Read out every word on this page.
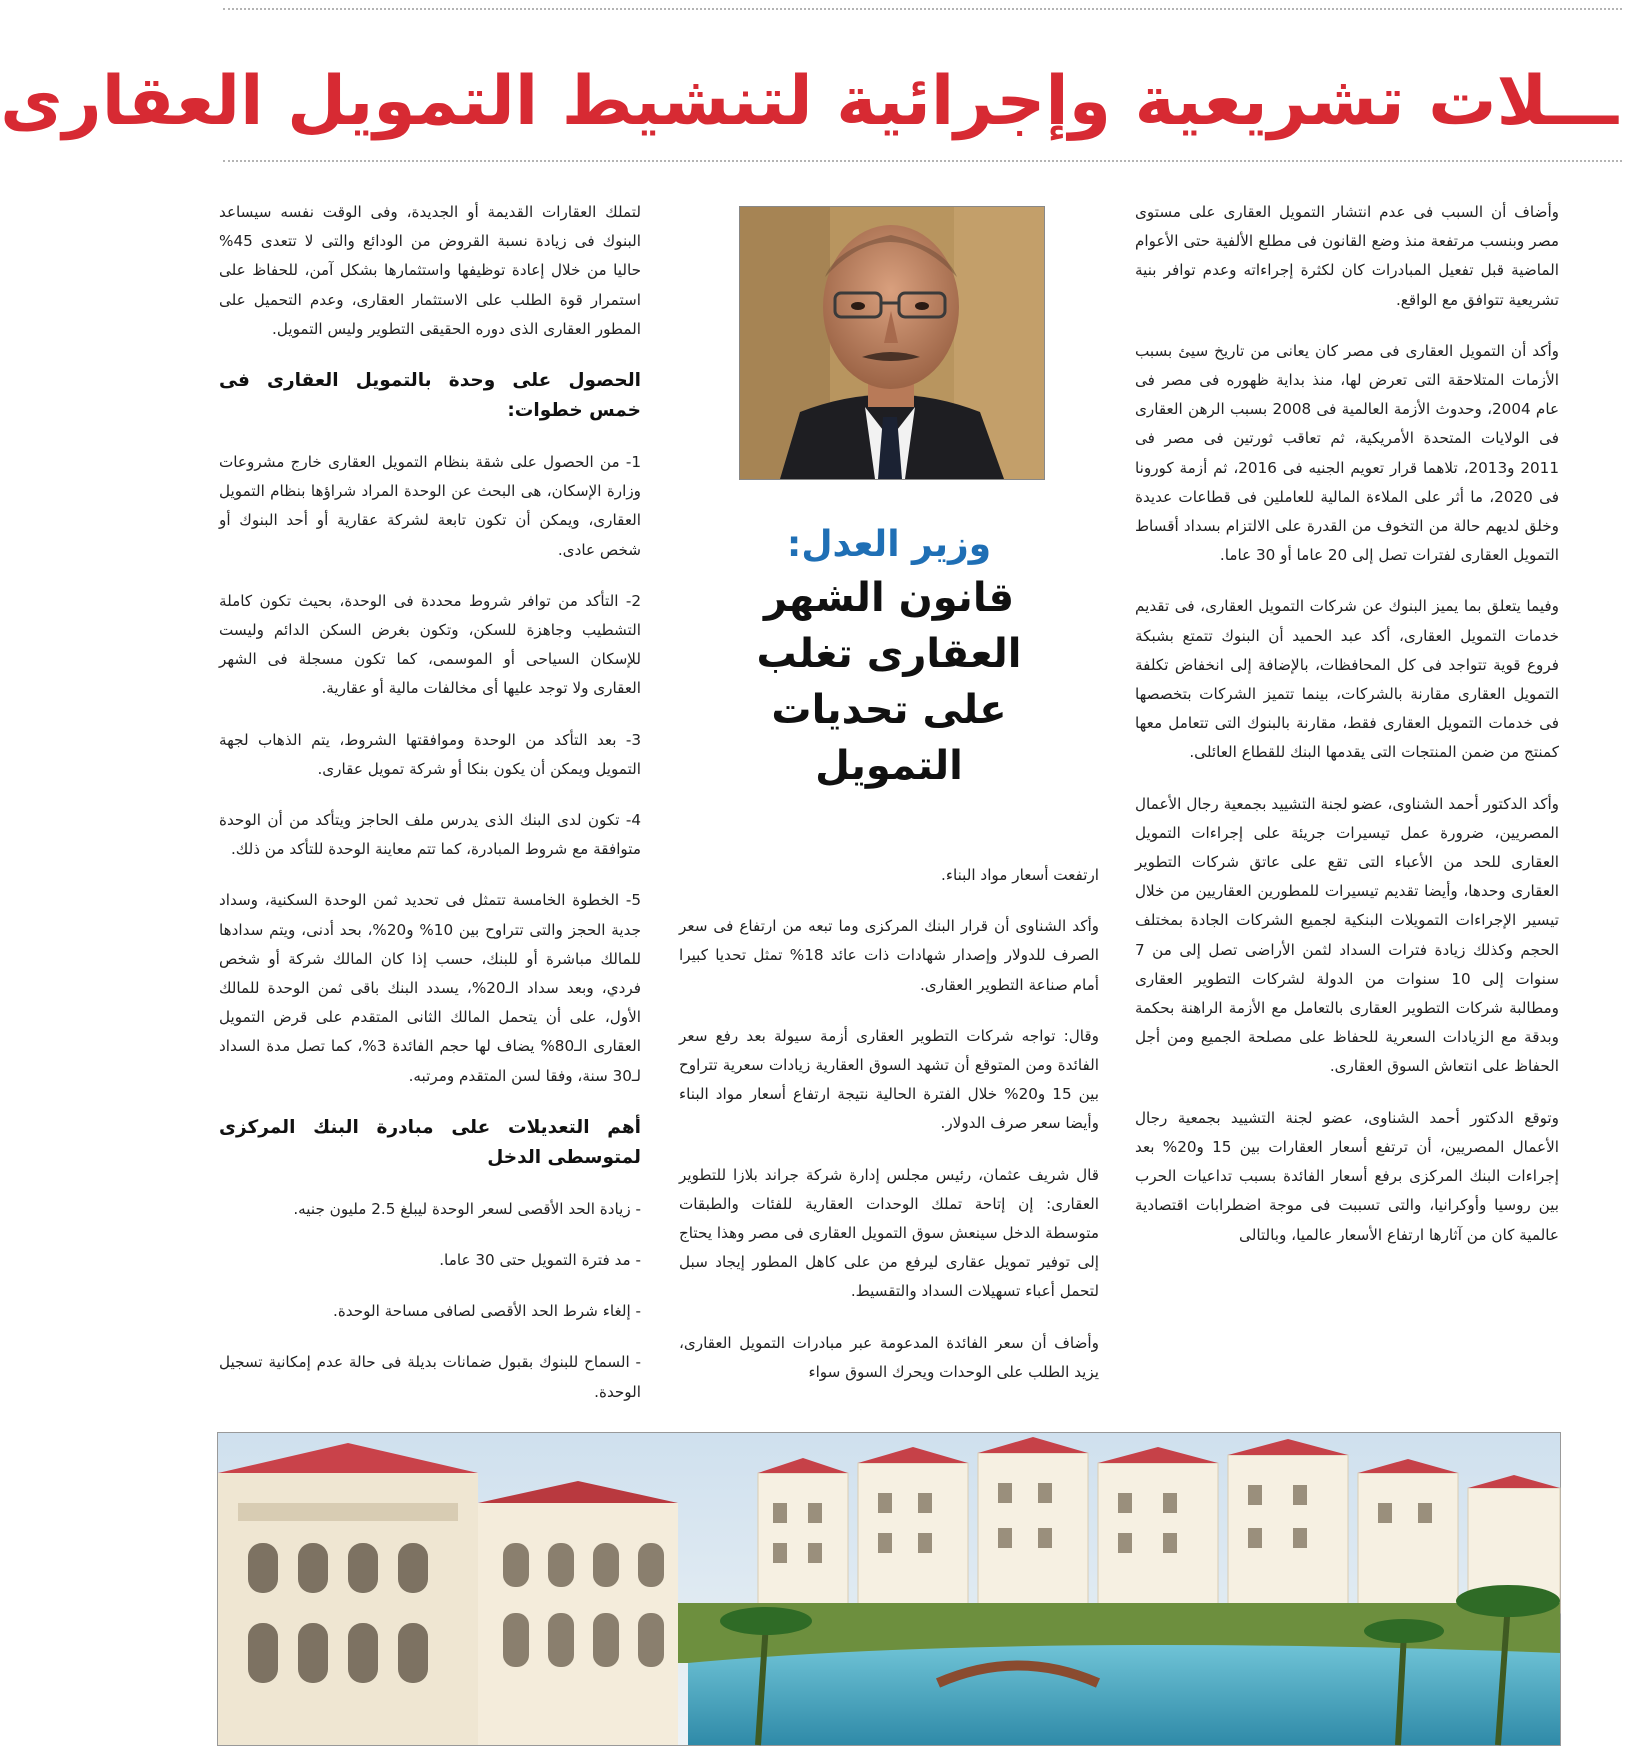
ـــلات تشريعية وإجرائية لتنشيط التمويل العقارى

وأضاف أن السبب فى عدم انتشار التمويل العقارى على مستوى مصر وبنسب مرتفعة منذ وضع القانون فى مطلع الألفية حتى الأعوام الماضية قبل تفعيل المبادرات كان لكثرة إجراءاته وعدم توافر بنية تشريعية تتوافق مع الواقع.

وأكد أن التمويل العقارى فى مصر كان يعانى من تاريخ سيئ بسبب الأزمات المتلاحقة التى تعرض لها، منذ بداية ظهوره فى مصر فى عام 2004، وحدوث الأزمة العالمية فى 2008 بسبب الرهن العقارى فى الولايات المتحدة الأمريكية، ثم تعاقب ثورتين فى مصر فى 2011 و2013، تلاهما قرار تعويم الجنيه فى 2016، ثم أزمة كورونا فى 2020، ما أثر على الملاءة المالية للعاملين فى قطاعات عديدة وخلق لديهم حالة من التخوف من القدرة على الالتزام بسداد أقساط التمويل العقارى لفترات تصل إلى 20 عاما أو 30 عاما.

وفيما يتعلق بما يميز البنوك عن شركات التمويل العقارى، فى تقديم خدمات التمويل العقارى، أكد عبد الحميد أن البنوك تتمتع بشبكة فروع قوية تتواجد فى كل المحافظات، بالإضافة إلى انخفاض تكلفة التمويل العقارى مقارنة بالشركات، بينما تتميز الشركات بتخصصها فى خدمات التمويل العقارى فقط، مقارنة بالبنوك التى تتعامل معها كمنتج من ضمن المنتجات التى يقدمها البنك للقطاع العائلى.

وأكد الدكتور أحمد الشناوى، عضو لجنة التشييد بجمعية رجال الأعمال المصريين، ضرورة عمل تيسيرات جريئة على إجراءات التمويل العقارى للحد من الأعباء التى تقع على عاتق شركات التطوير العقارى وحدها، وأيضا تقديم تيسيرات للمطورين العقاريين من خلال تيسير الإجراءات التمويلات البنكية لجميع الشركات الجادة بمختلف الحجم وكذلك زيادة فترات السداد لثمن الأراضى تصل إلى من 7 سنوات إلى 10 سنوات من الدولة لشركات التطوير العقارى ومطالبة شركات التطوير العقارى بالتعامل مع الأزمة الراهنة بحكمة وبدقة مع الزيادات السعرية للحفاظ على مصلحة الجميع ومن أجل الحفاظ على انتعاش السوق العقارى.

وتوقع الدكتور أحمد الشناوى، عضو لجنة التشييد بجمعية رجال الأعمال المصريين، أن ترتفع أسعار العقارات بين 15 و20% بعد إجراءات البنك المركزى برفع أسعار الفائدة بسبب تداعيات الحرب بين روسيا وأوكرانيا، والتى تسببت فى موجة اضطرابات اقتصادية عالمية كان من آثارها ارتفاع الأسعار عالميا، وبالتالى

وزير العدل:
قانون الشهر
العقارى تغلب
على تحديات
التمويل

ارتفعت أسعار مواد البناء.

وأكد الشناوى أن قرار البنك المركزى وما تبعه من ارتفاع فى سعر الصرف للدولار وإصدار شهادات ذات عائد 18% تمثل تحديا كبيرا أمام صناعة التطوير العقارى.

وقال: تواجه شركات التطوير العقارى أزمة سيولة بعد رفع سعر الفائدة ومن المتوقع أن تشهد السوق العقارية زيادات سعرية تتراوح بين 15 و20% خلال الفترة الحالية نتيجة ارتفاع أسعار مواد البناء وأيضا سعر صرف الدولار.

قال شريف عثمان، رئيس مجلس إدارة شركة جراند بلازا للتطوير العقارى: إن إتاحة تملك الوحدات العقارية للفئات والطبقات متوسطة الدخل سينعش سوق التمويل العقارى فى مصر وهذا يحتاج إلى توفير تمويل عقارى ليرفع من على كاهل المطور إيجاد سبل لتحمل أعباء تسهيلات السداد والتقسيط.

وأضاف أن سعر الفائدة المدعومة عبر مبادرات التمويل العقارى، يزيد الطلب على الوحدات ويحرك السوق سواء

لتملك العقارات القديمة أو الجديدة، وفى الوقت نفسه سيساعد البنوك فى زيادة نسبة القروض من الودائع والتى لا تتعدى 45% حاليا من خلال إعادة توظيفها واستثمارها بشكل آمن، للحفاظ على استمرار قوة الطلب على الاستثمار العقارى، وعدم التحميل على المطور العقارى الذى دوره الحقيقى التطوير وليس التمويل.

الحصول على وحدة بالتمويل العقارى فى خمس خطوات:

1- من الحصول على شقة بنظام التمويل العقارى خارج مشروعات وزارة الإسكان، هى البحث عن الوحدة المراد شراؤها بنظام التمويل العقارى، ويمكن أن تكون تابعة لشركة عقارية أو أحد البنوك أو شخص عادى.

2- التأكد من توافر شروط محددة فى الوحدة، بحيث تكون كاملة التشطيب وجاهزة للسكن، وتكون بغرض السكن الدائم وليست للإسكان السياحى أو الموسمى، كما تكون مسجلة فى الشهر العقارى ولا توجد عليها أى مخالفات مالية أو عقارية.

3- بعد التأكد من الوحدة وموافقتها الشروط، يتم الذهاب لجهة التمويل ويمكن أن يكون بنكا أو شركة تمويل عقارى.

4- تكون لدى البنك الذى يدرس ملف الحاجز ويتأكد من أن الوحدة متوافقة مع شروط المبادرة، كما تتم معاينة الوحدة للتأكد من ذلك.

5- الخطوة الخامسة تتمثل فى تحديد ثمن الوحدة السكنية، وسداد جدية الحجز والتى تتراوح بين 10% و20%، بحد أدنى، ويتم سدادها للمالك مباشرة أو للبنك، حسب إذا كان المالك شركة أو شخص فردي، وبعد سداد الـ20%، يسدد البنك باقى ثمن الوحدة للمالك الأول، على أن يتحمل المالك الثانى المتقدم على قرض التمويل العقارى الـ80% يضاف لها حجم الفائدة 3%، كما تصل مدة السداد لـ30 سنة، وفقا لسن المتقدم ومرتبه.

أهم التعديلات على مبادرة البنك المركزى لمتوسطى الدخل

- زيادة الحد الأقصى لسعر الوحدة ليبلغ 2.5 مليون جنيه.

- مد فترة التمويل حتى 30 عاما.

- إلغاء شرط الحد الأقصى لصافى مساحة الوحدة.

- السماح للبنوك بقبول ضمانات بديلة فى حالة عدم إمكانية تسجيل الوحدة.
